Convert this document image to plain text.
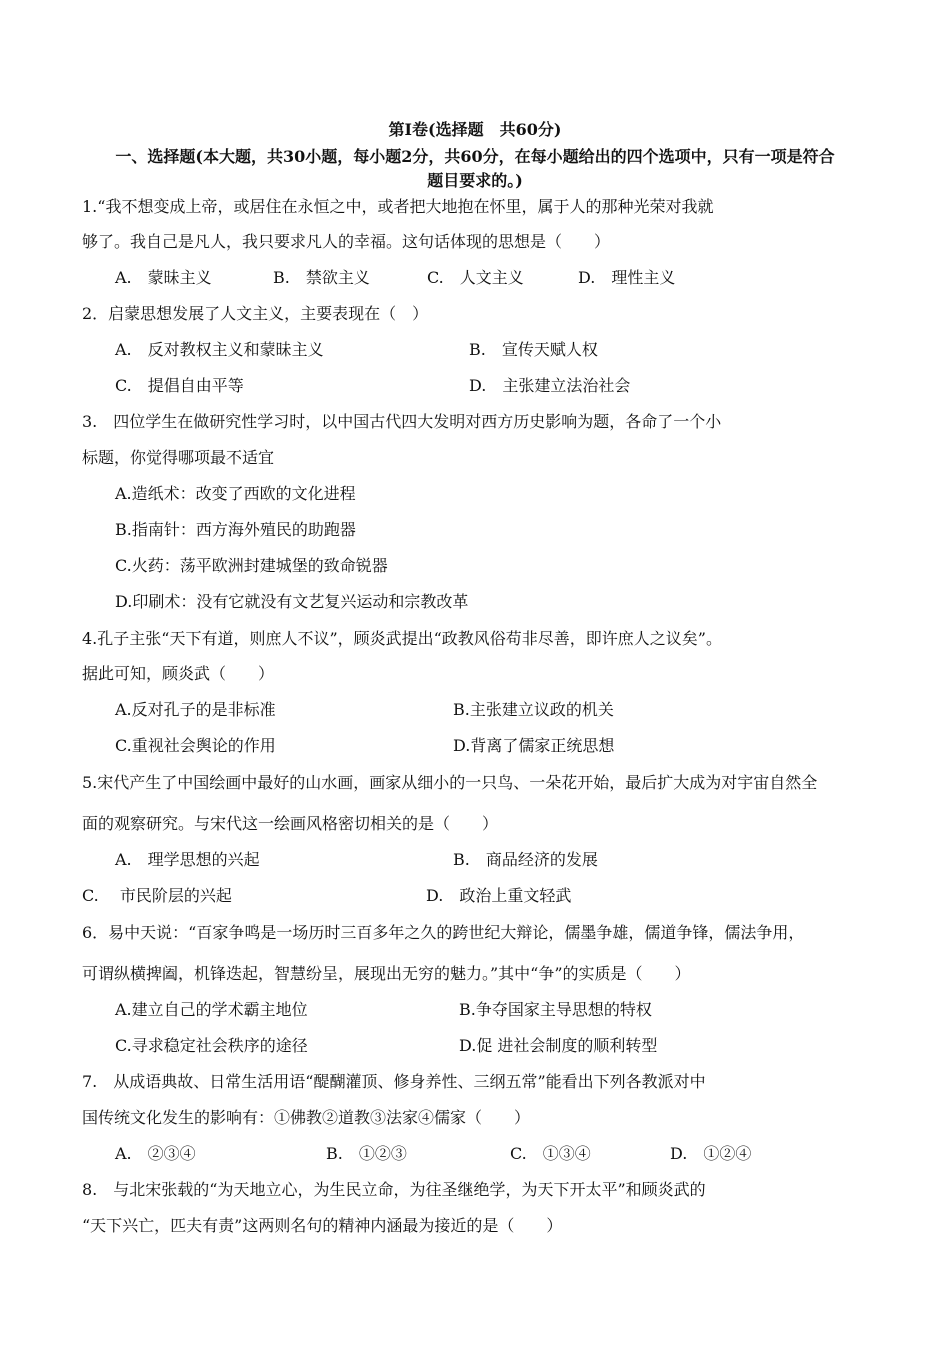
第Ⅰ卷(选择题　共60分)
一、选择题(本大题，共30小题，每小题2分，共60分，在每小题给出的四个选项中，只有一项是符合
题目要求的。)
1.“我不想变成上帝，或居住在永恒之中，或者把大地抱在怀里，属于人的那种光荣对我就
够了。我自己是凡人，我只要求凡人的幸福。这句话体现的思想是（　　）
A.　蒙昧主义	B.　禁欲主义	C.　人文主义	D.　理性主义
2．启蒙思想发展了人文主义，主要表现在（　）
A.　反对教权主义和蒙昧主义	B.　宣传天赋人权
C.　提倡自由平等	D.　主张建立法治社会
3.　四位学生在做研究性学习时，以中国古代四大发明对西方历史影响为题，各命了一个小
标题，你觉得哪项最不适宜
A.造纸术：改变了西欧的文化进程
B.指南针：西方海外殖民的助跑器
C.火药：荡平欧洲封建城堡的致命锐器
D.印刷术：没有它就没有文艺复兴运动和宗教改革
4.孔子主张“天下有道，则庶人不议”，顾炎武提出“政教风俗苟非尽善，即许庶人之议矣”。
据此可知，顾炎武（　　）
A.反对孔子的是非标准	B.主张建立议政的机关
C.重视社会舆论的作用	D.背离了儒家正统思想
5.宋代产生了中国绘画中最好的山水画，画家从细小的一只鸟、一朵花开始，最后扩大成为对宇宙自然全
面的观察研究。与宋代这一绘画风格密切相关的是（　　）
A.　理学思想的兴起	B.　商品经济的发展
C.　 市民阶层的兴起	D.　政治上重文轻武
6．易中天说：“百家争鸣是一场历时三百多年之久的跨世纪大辩论，儒墨争雄，儒道争锋，儒法争用，
可谓纵横捭阖，机锋迭起，智慧纷呈，展现出无穷的魅力。”其中“争”的实质是（　　）
A.建立自己的学术霸主地位	B.争夺国家主导思想的特权
C.寻求稳定社会秩序的途径	D.促 进社会制度的顺利转型
7.　从成语典故、日常生活用语“醍醐灌顶、修身养性、三纲五常”能看出下列各教派对中
国传统文化发生的影响有：①佛教②道教③法家④儒家（　　）
A.　②③④	B.　①②③	C.　①③④	D.　①②④
8.　与北宋张载的“为天地立心，为生民立命，为往圣继绝学，为天下开太平”和顾炎武的
“天下兴亡，匹夫有责”这两则名句的精神内涵最为接近的是（　　）
